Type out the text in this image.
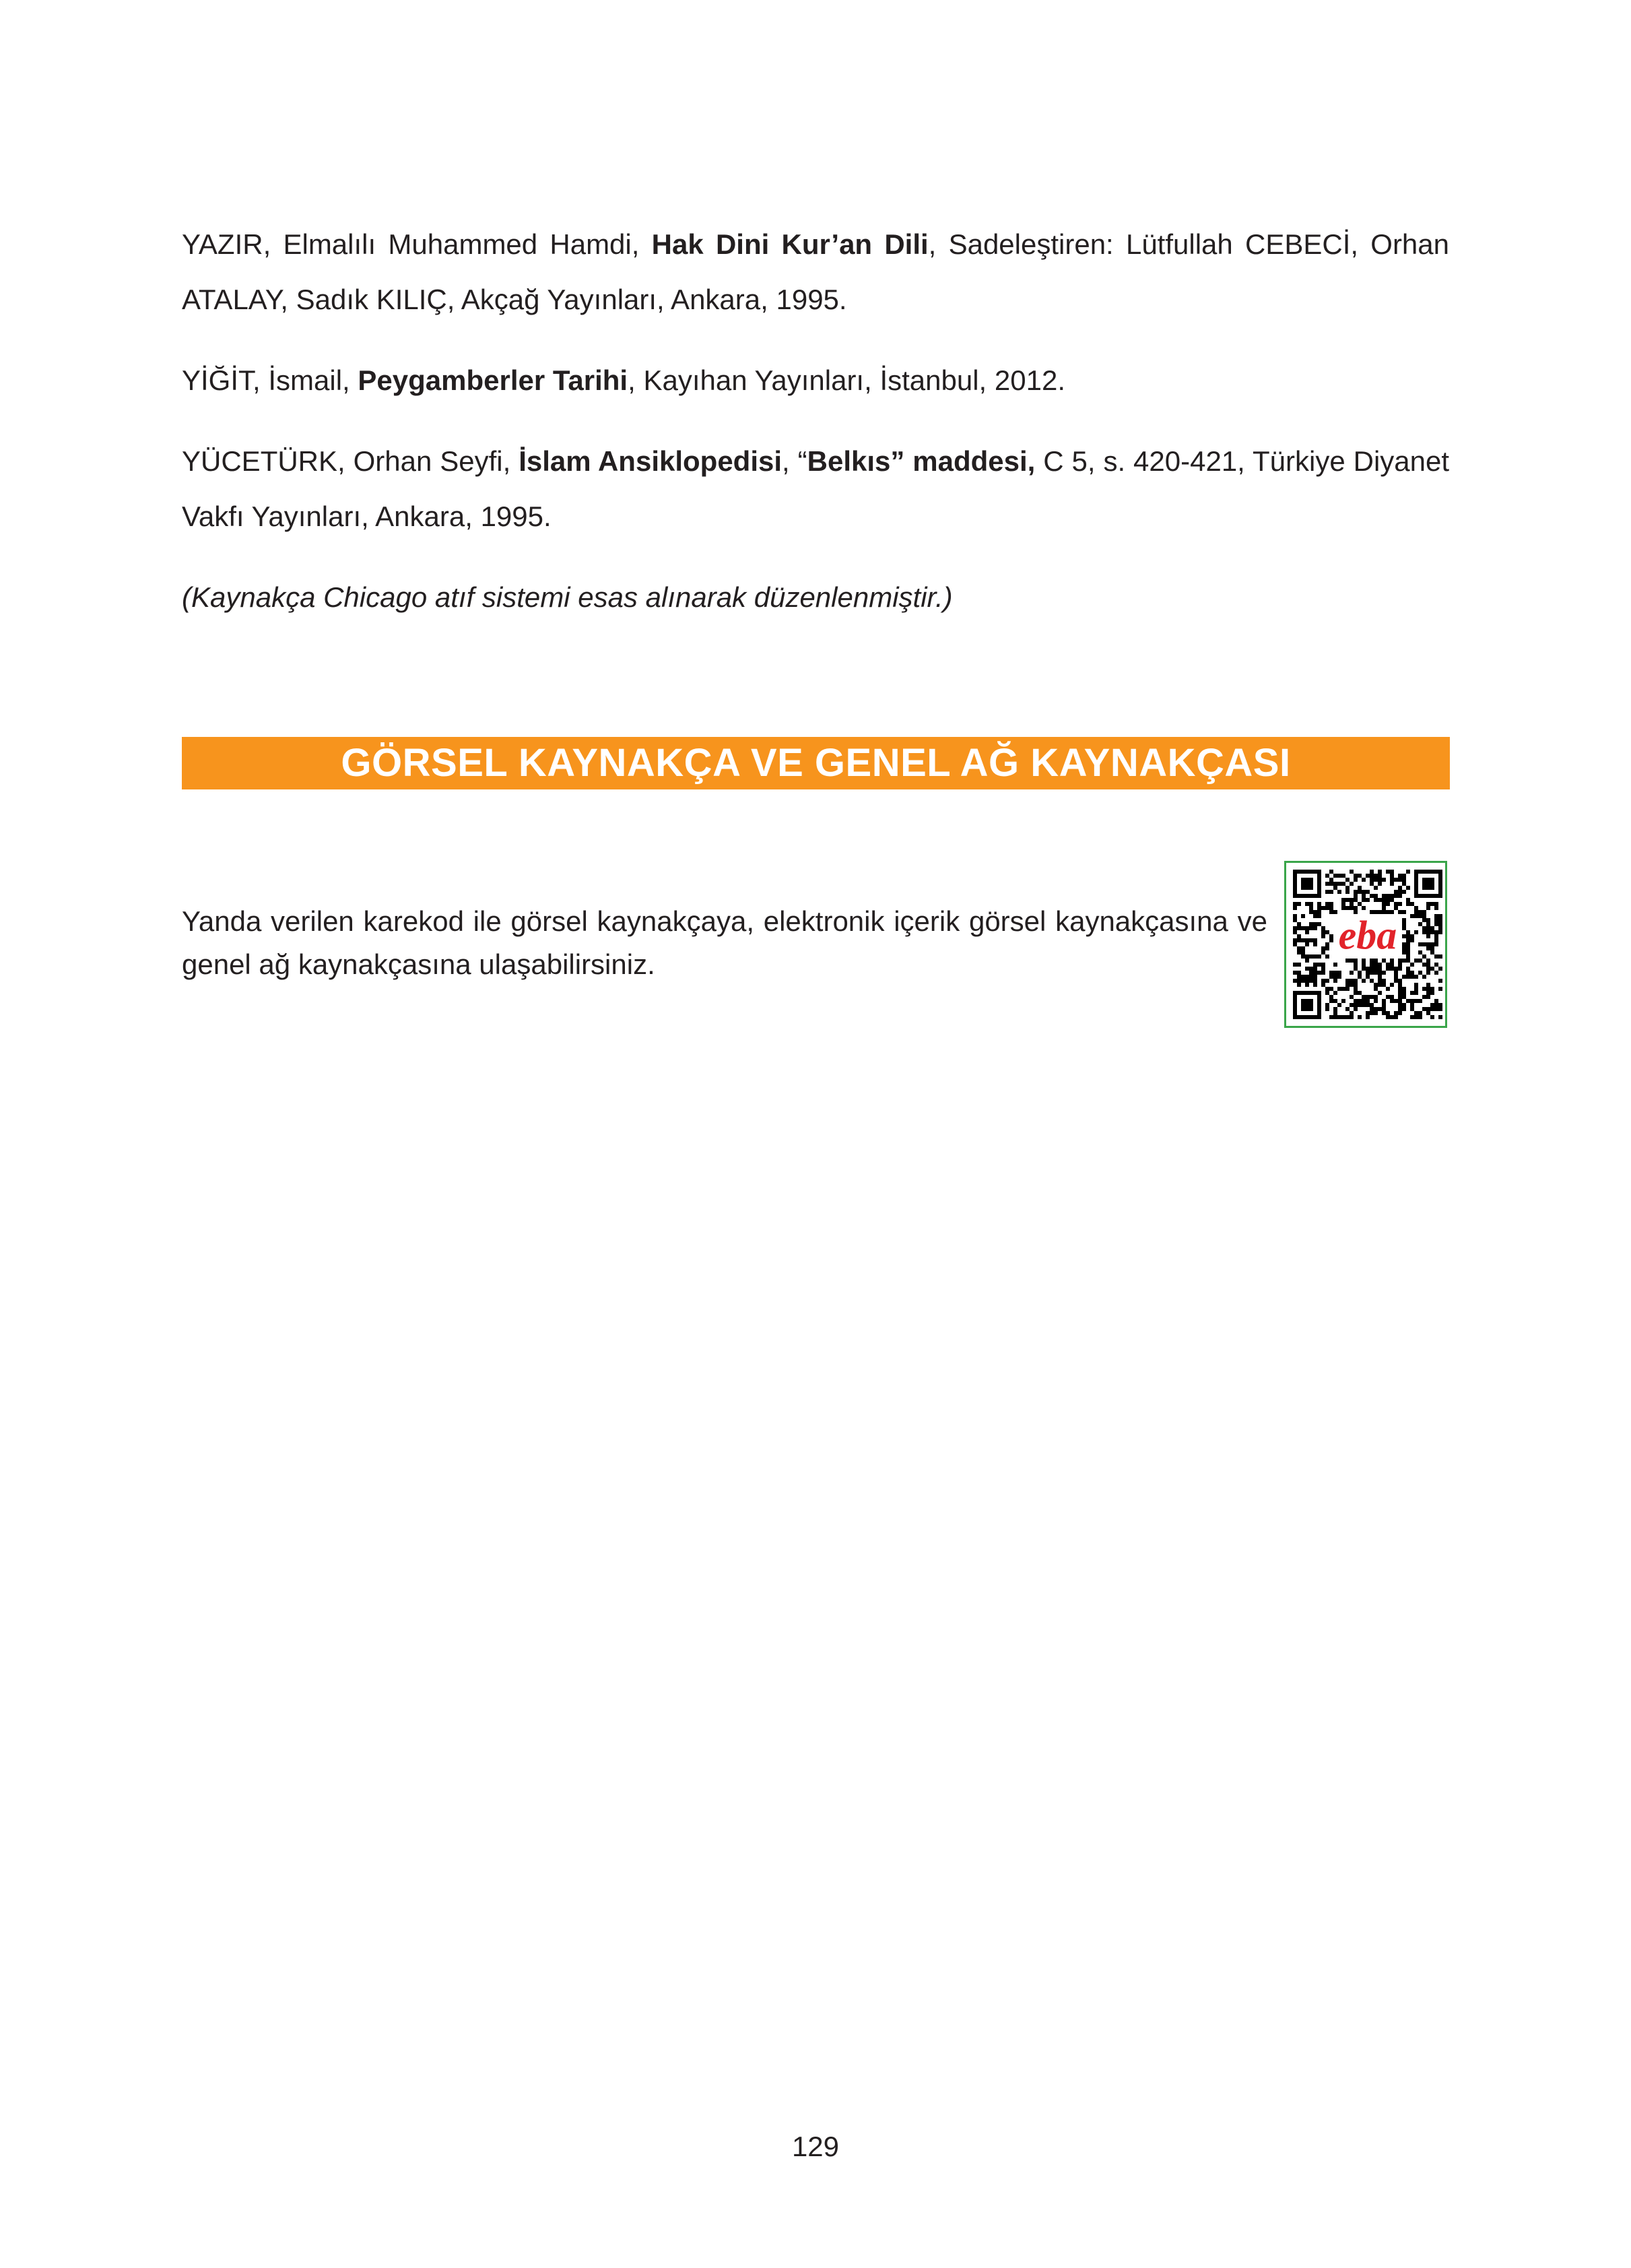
YAZIR, Elmalılı Muhammed Hamdi, Hak Dini Kur’an Dili, Sadeleştiren: Lütfullah CEBECİ, Orhan ATALAY, Sadık KILIÇ, Akçağ Yayınları, Ankara, 1995.

YİĞİT, İsmail, Peygamberler Tarihi, Kayıhan Yayınları, İstanbul, 2012.

YÜCETÜRK, Orhan Seyfi, İslam Ansiklopedisi, “Belkıs” maddesi, C 5, s. 420-421, Türkiye Diyanet Vakfı Yayınları, Ankara, 1995.

(Kaynakça Chicago atıf sistemi esas alınarak düzenlenmiştir.)

GÖRSEL KAYNAKÇA VE GENEL AĞ KAYNAKÇASI

Yanda verilen karekod ile görsel kaynakçaya, elektronik içerik görsel kaynakçasına ve genel ağ kaynakçasına ulaşabilirsiniz.

eba
129
